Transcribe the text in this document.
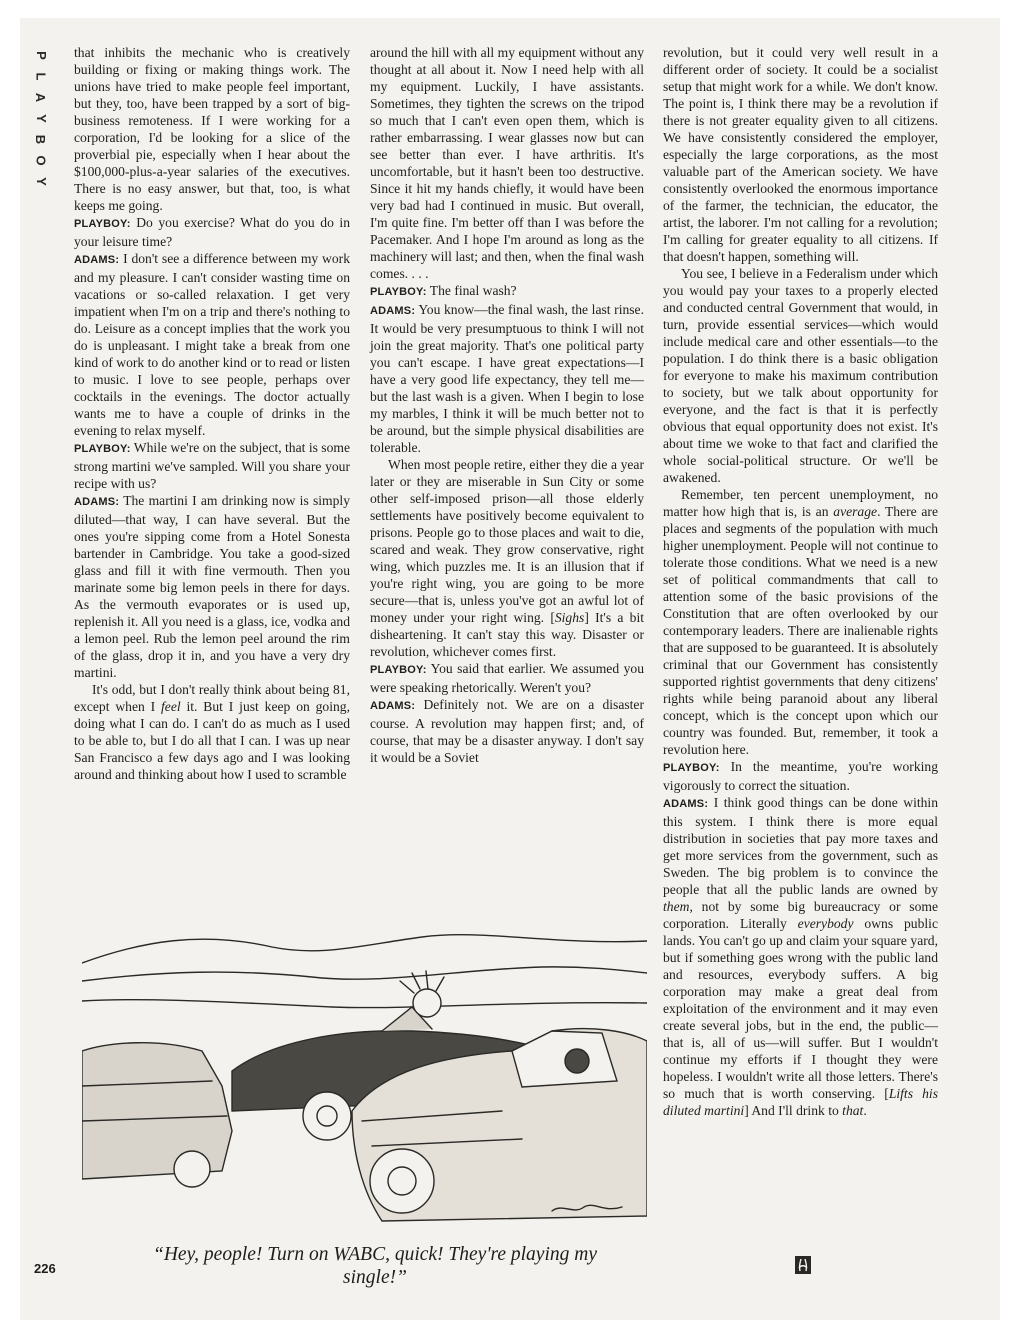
P
L
A
Y
B
O
Y

that inhibits the mechanic who is creatively building or fixing or making things work. The unions have tried to make people feel important, but they, too, have been trapped by a sort of big-business remoteness. If I were working for a corporation, I'd be looking for a slice of the proverbial pie, especially when I hear about the $100,000-plus-a-year salaries of the executives. There is no easy answer, but that, too, is what keeps me going.

PLAYBOY: Do you exercise? What do you do in your leisure time?

ADAMS: I don't see a difference between my work and my pleasure. I can't consider wasting time on vacations or so-called relaxation. I get very impatient when I'm on a trip and there's nothing to do. Leisure as a concept implies that the work you do is unpleasant. I might take a break from one kind of work to do another kind or to read or listen to music. I love to see people, perhaps over cocktails in the evenings. The doctor actually wants me to have a couple of drinks in the evening to relax myself.

PLAYBOY: While we're on the subject, that is some strong martini we've sampled. Will you share your recipe with us?

ADAMS: The martini I am drinking now is simply diluted—that way, I can have several. But the ones you're sipping come from a Hotel Sonesta bartender in Cambridge. You take a good-sized glass and fill it with fine vermouth. Then you marinate some big lemon peels in there for days. As the vermouth evaporates or is used up, replenish it. All you need is a glass, ice, vodka and a lemon peel. Rub the lemon peel around the rim of the glass, drop it in, and you have a very dry martini.

It's odd, but I don't really think about being 81, except when I feel it. But I just keep on going, doing what I can do. I can't do as much as I used to be able to, but I do all that I can. I was up near San Francisco a few days ago and I was looking around and thinking about how I used to scramble

around the hill with all my equipment without any thought at all about it. Now I need help with all my equipment. Luckily, I have assistants. Sometimes, they tighten the screws on the tripod so much that I can't even open them, which is rather embarrassing. I wear glasses now but can see better than ever. I have arthritis. It's uncomfortable, but it hasn't been too destructive. Since it hit my hands chiefly, it would have been very bad had I continued in music. But overall, I'm quite fine. I'm better off than I was before the Pacemaker. And I hope I'm around as long as the machinery will last; and then, when the final wash comes. . . .

PLAYBOY: The final wash?

ADAMS: You know—the final wash, the last rinse. It would be very presumptuous to think I will not join the great majority. That's one political party you can't escape. I have great expectations—I have a very good life expectancy, they tell me—but the last wash is a given. When I begin to lose my marbles, I think it will be much better not to be around, but the simple physical disabilities are tolerable.

When most people retire, either they die a year later or they are miserable in Sun City or some other self-imposed prison—all those elderly settlements have positively become equivalent to prisons. People go to those places and wait to die, scared and weak. They grow conservative, right wing, which puzzles me. It is an illusion that if you're right wing, you are going to be more secure—that is, unless you've got an awful lot of money under your right wing. [Sighs] It's a bit disheartening. It can't stay this way. Disaster or revolution, whichever comes first.

PLAYBOY: You said that earlier. We assumed you were speaking rhetorically. Weren't you?

ADAMS: Definitely not. We are on a disaster course. A revolution may happen first; and, of course, that may be a disaster anyway. I don't say it would be a Soviet

revolution, but it could very well result in a different order of society. It could be a socialist setup that might work for a while. We don't know. The point is, I think there may be a revolution if there is not greater equality given to all citizens. We have consistently considered the employer, especially the large corporations, as the most valuable part of the American society. We have consistently overlooked the enormous importance of the farmer, the technician, the educator, the artist, the laborer. I'm not calling for a revolution; I'm calling for greater equality to all citizens. If that doesn't happen, something will.

You see, I believe in a Federalism under which you would pay your taxes to a properly elected and conducted central Government that would, in turn, provide essential services—which would include medical care and other essentials—to the population. I do think there is a basic obligation for everyone to make his maximum contribution to society, but we talk about opportunity for everyone, and the fact is that it is perfectly obvious that equal opportunity does not exist. It's about time we woke to that fact and clarified the whole social-political structure. Or we'll be awakened.

Remember, ten percent unemployment, no matter how high that is, is an average. There are places and segments of the population with much higher unemployment. People will not continue to tolerate those conditions. What we need is a new set of political commandments that call to attention some of the basic provisions of the Constitution that are often overlooked by our contemporary leaders. There are inalienable rights that are supposed to be guaranteed. It is absolutely criminal that our Government has consistently supported rightist governments that deny citizens' rights while being paranoid about any liberal concept, which is the concept upon which our country was founded. But, remember, it took a revolution here.

PLAYBOY: In the meantime, you're working vigorously to correct the situation.

ADAMS: I think good things can be done within this system. I think there is more equal distribution in societies that pay more taxes and get more services from the government, such as Sweden. The big problem is to convince the people that all the public lands are owned by them, not by some big bureaucracy or some corporation. Literally everybody owns public lands. You can't go up and claim your square yard, but if something goes wrong with the public land and resources, everybody suffers. A big corporation may make a great deal from exploitation of the environment and it may even create several jobs, but in the end, the public—that is, all of us—will suffer. But I wouldn't continue my efforts if I thought they were hopeless. I wouldn't write all those letters. There's so much that is worth conserving. [Lifts his diluted martini] And I'll drink to that.

“Hey, people! Turn on WABC, quick! They're playing my single!”
226
